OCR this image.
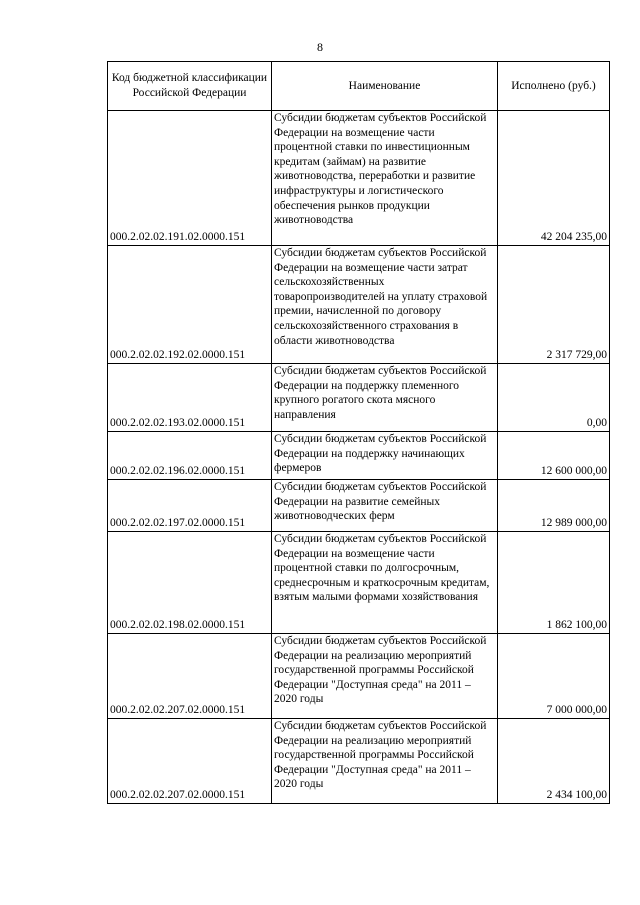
8
Код бюджетной классификации Российской Федерации	Наименование	Исполнено (руб.)
000.2.02.02.191.02.0000.151	Субсидии бюджетам субъектов Российской Федерации на возмещение части процентной ставки по инвестиционным кредитам (займам) на развитие животноводства, переработки и развитие инфраструктуры и логистического обеспечения рынков продукции животноводства	42 204 235,00
000.2.02.02.192.02.0000.151	Субсидии бюджетам субъектов Российской Федерации на возмещение части затрат сельскохозяйственных товаропроизводителей на уплату страховой премии, начисленной по договору сельскохозяйственного страхования в области животноводства	2 317 729,00
000.2.02.02.193.02.0000.151	Субсидии бюджетам субъектов Российской Федерации на поддержку племенного крупного рогатого скота мясного направления	0,00
000.2.02.02.196.02.0000.151	Субсидии бюджетам субъектов Российской Федерации на поддержку начинающих фермеров	12 600 000,00
000.2.02.02.197.02.0000.151	Субсидии бюджетам субъектов Российской Федерации на развитие семейных животноводческих ферм	12 989 000,00
000.2.02.02.198.02.0000.151	Субсидии бюджетам субъектов Российской Федерации на возмещение части процентной ставки по долгосрочным, среднесрочным и краткосрочным кредитам, взятым малыми формами хозяйствования	1 862 100,00
000.2.02.02.207.02.0000.151	Субсидии бюджетам субъектов Российской Федерации на реализацию мероприятий государственной программы Российской Федерации "Доступная среда" на 2011 – 2020 годы	7 000 000,00
000.2.02.02.207.02.0000.151	Субсидии бюджетам субъектов Российской Федерации на реализацию мероприятий государственной программы Российской Федерации "Доступная среда" на 2011 – 2020 годы	2 434 100,00
